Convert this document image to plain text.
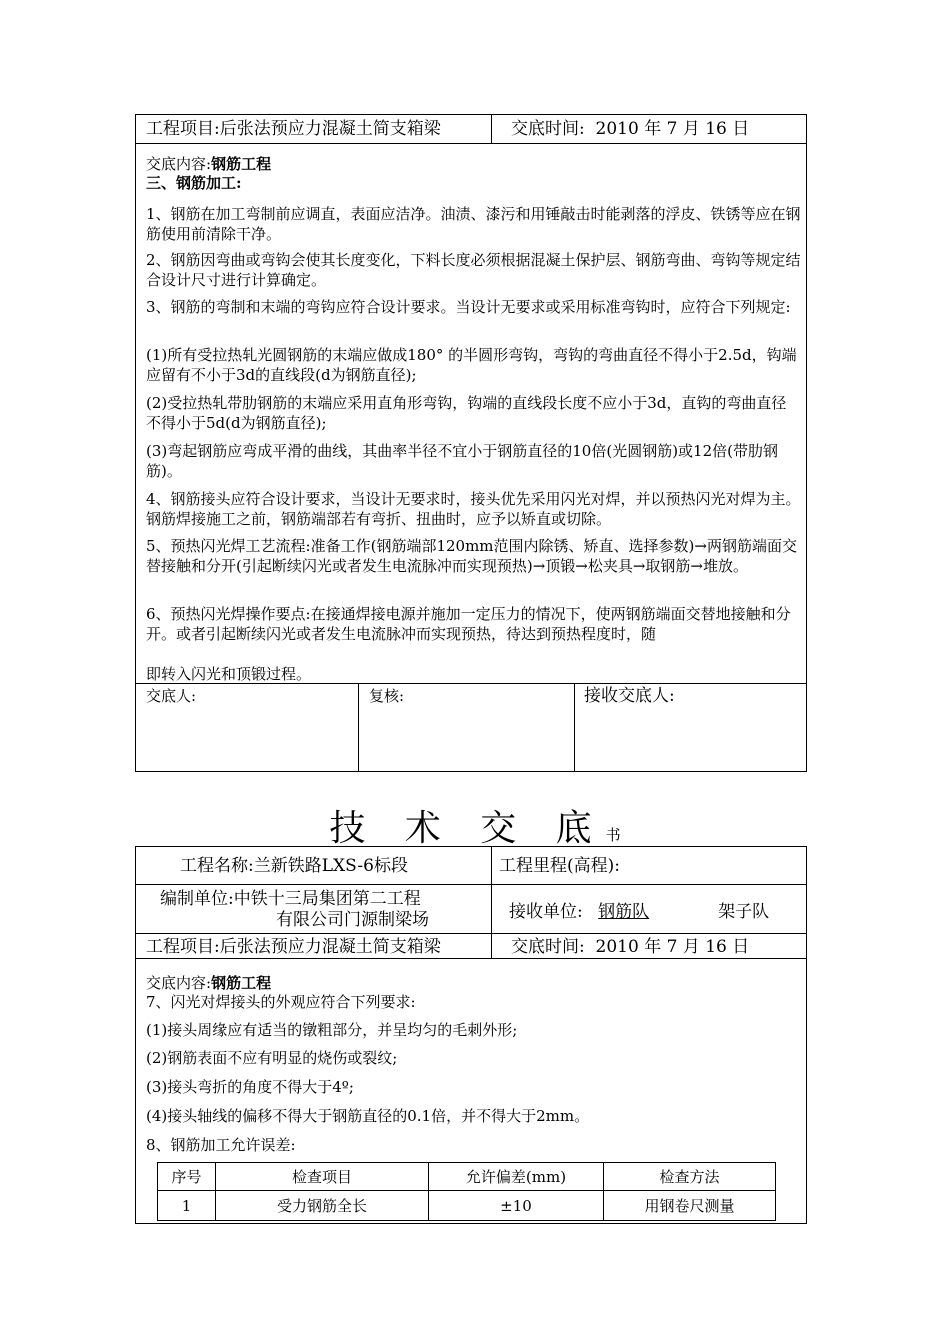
工程项目:后张法预应力混凝土简支箱梁	交底时间:  2010 年 7 月 16 日
交底内容:钢筋工程
三、钢筋加工:
1、钢筋在加工弯制前应调直，表面应洁净。油渍、漆污和用锤敲击时能剥落的浮皮、铁锈等应在钢筋使用前清除干净。
2、钢筋因弯曲或弯钩会使其长度变化，下料长度必须根据混凝土保护层、钢筋弯曲、弯钩等规定结合设计尺寸进行计算确定。
3、钢筋的弯制和末端的弯钩应符合设计要求。当设计无要求或采用标准弯钩时，应符合下列规定:
(1)所有受拉热轧光圆钢筋的末端应做成180° 的半圆形弯钩，弯钩的弯曲直径不得小于2.5d，钩端应留有不小于3d的直线段(d为钢筋直径);
(2)受拉热轧带肋钢筋的末端应采用直角形弯钩，钩端的直线段长度不应小于3d，直钩的弯曲直径不得小于5d(d为钢筋直径);
(3)弯起钢筋应弯成平滑的曲线，其曲率半径不宜小于钢筋直径的10倍(光圆钢筋)或12倍(带肋钢筋)。
4、钢筋接头应符合设计要求，当设计无要求时，接头优先采用闪光对焊，并以预热闪光对焊为主。钢筋焊接施工之前，钢筋端部若有弯折、扭曲时，应予以矫直或切除。
5、预热闪光焊工艺流程:准备工作(钢筋端部120mm范围内除锈、矫直、选择参数)→两钢筋端面交替接触和分开(引起断续闪光或者发生电流脉冲而实现预热)→顶锻→松夹具→取钢筋→堆放。
6、预热闪光焊操作要点:在接通焊接电源并施加一定压力的情况下，使两钢筋端面交替地接触和分开。或者引起断续闪光或者发生电流脉冲而实现预热，待达到预热程度时，随
即转入闪光和顶锻过程。
交底人:	复核:	接收交底人:
技 术 交 底书
工程名称:兰新铁路LXS-6标段	工程里程(高程):
编制单位:中铁十三局集团第二工程
有限公司门源制梁场	接收单位: 钢筋队	架子队
工程项目:后张法预应力混凝土简支箱梁	交底时间:  2010 年 7 月 16 日
交底内容:钢筋工程
7、闪光对焊接头的外观应符合下列要求:
(1)接头周缘应有适当的镦粗部分，并呈均匀的毛刺外形;
(2)钢筋表面不应有明显的烧伤或裂纹;
(3)接头弯折的角度不得大于4º;
(4)接头轴线的偏移不得大于钢筋直径的0.1倍，并不得大于2mm。
8、钢筋加工允许误差:
序号	检查项目	允许偏差(mm)	检查方法
1	受力钢筋全长	±10	用钢卷尺测量
